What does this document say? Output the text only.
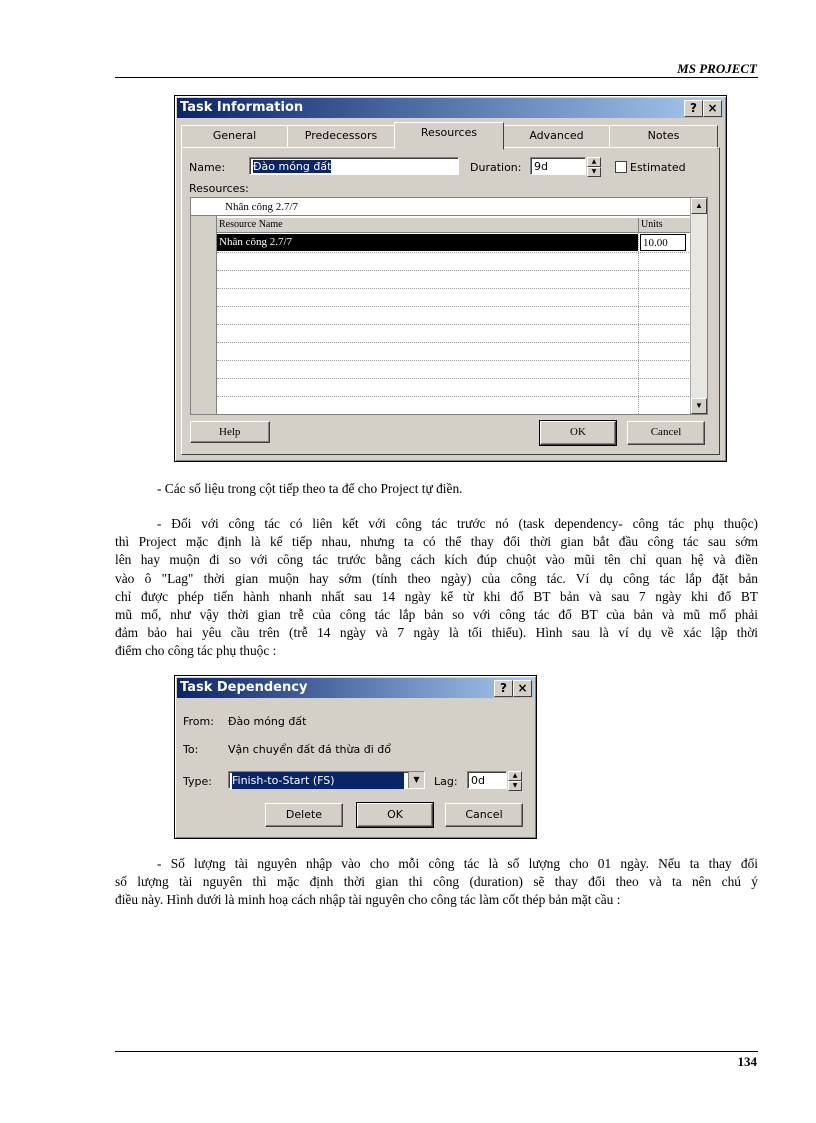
MS PROJECT
Task Information	? ×
General	Predecessors	Resources	Advanced	Notes
Name:	Đào móng đất	Duration:	9d	▲
▼	Estimated
Resources:
Nhân công 2.7/7
Resource Name	Units
Nhân công 2.7/7	10.00
▲
▼
Help	OK	Cancel

- Các số liệu trong cột tiếp theo ta để cho Project tự điền.

- Đối với công tác có liên kết với công tác trước nó (task dependency- công tác phụ thuộc)
thì Project mặc định là kế tiếp nhau, nhưng ta có thể thay đổi thời gian bắt đầu công tác sau sớm
lên hay muộn đi so với công tác trước bằng cách kích đúp chuột vào mũi tên chỉ quan hệ và điền
vào ô "Lag" thời gian muộn hay sớm (tính theo ngày) của công tác. Ví dụ công tác lắp đặt bản
chỉ được phép tiến hành nhanh nhất sau 14 ngày kể từ khi đổ BT bản và sau 7 ngày khi đổ BT
mũ mố, như vậy thời gian trễ của công tác lắp bản so với công tác đổ BT của bản và mũ mố phải
đảm bảo hai yêu cầu trên (trễ 14 ngày và 7 ngày là tối thiểu). Hình sau là ví dụ về xác lập thời
điểm cho công tác phụ thuộc :
Task Dependency	? ×
From: Đào móng đất
To:	Vận chuyển đất đá thừa đi đổ
Type:	Finish-to-Start (FS)	▼	Lag:	0d	▲
▼
Delete	OK	Cancel
- Số lượng tài nguyên nhập vào cho mỗi công tác là số lượng cho 01 ngày. Nếu ta thay đổi
số lượng tài nguyên thì mặc định thời gian thi công (duration) sẽ thay đổi theo và ta nên chú ý
điều này. Hình dưới là minh hoạ cách nhập tài nguyên cho công tác làm cốt thép bản mặt cầu :
134
